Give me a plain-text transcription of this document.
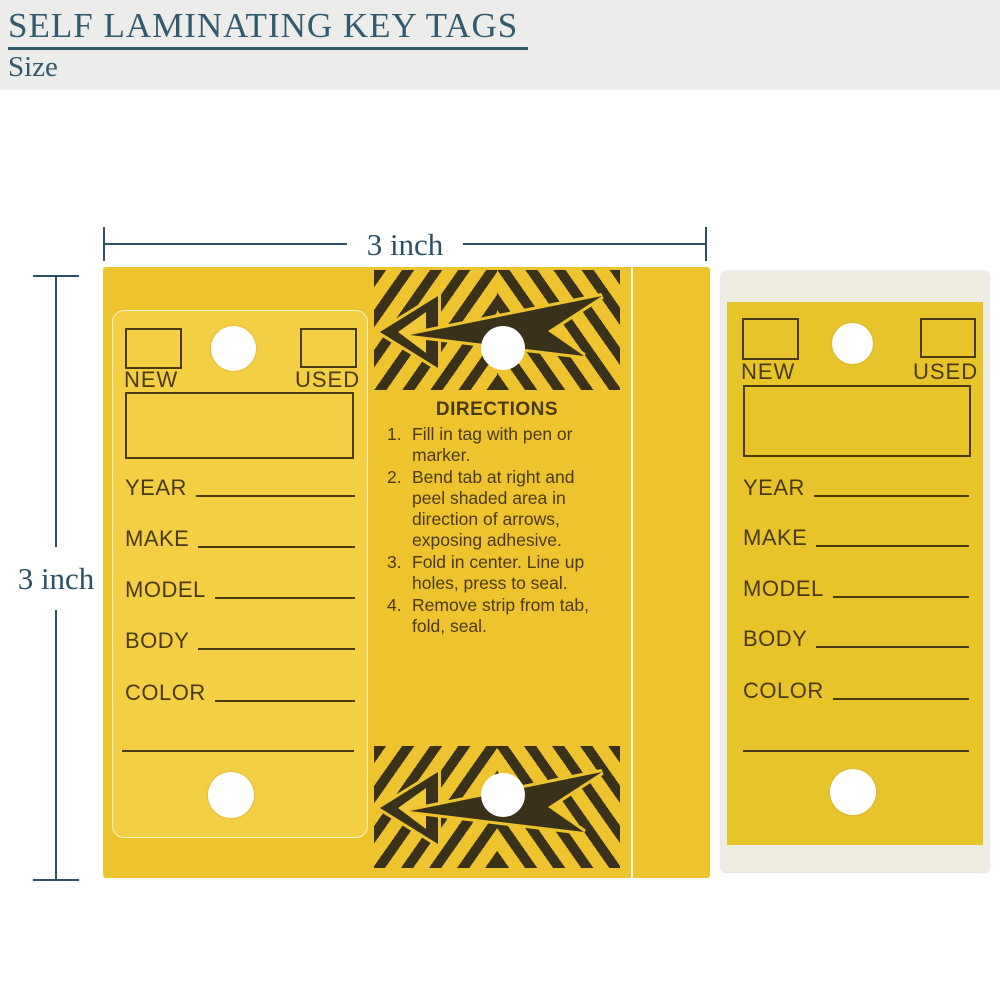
SELF LAMINATING KEY TAGS
Size
3 inch
3 inch
NEW	USED
YEAR
MAKE
MODEL
BODY
COLOR
DIRECTIONS
1. Fill in tag with pen or marker.
2. Bend tab at right and peel shaded area in direction of arrows, exposing adhesive.
3. Fold in center. Line up holes, press to seal.
4. Remove strip from tab, fold, seal.
NEW	USED
YEAR
MAKE
MODEL
BODY
COLOR
